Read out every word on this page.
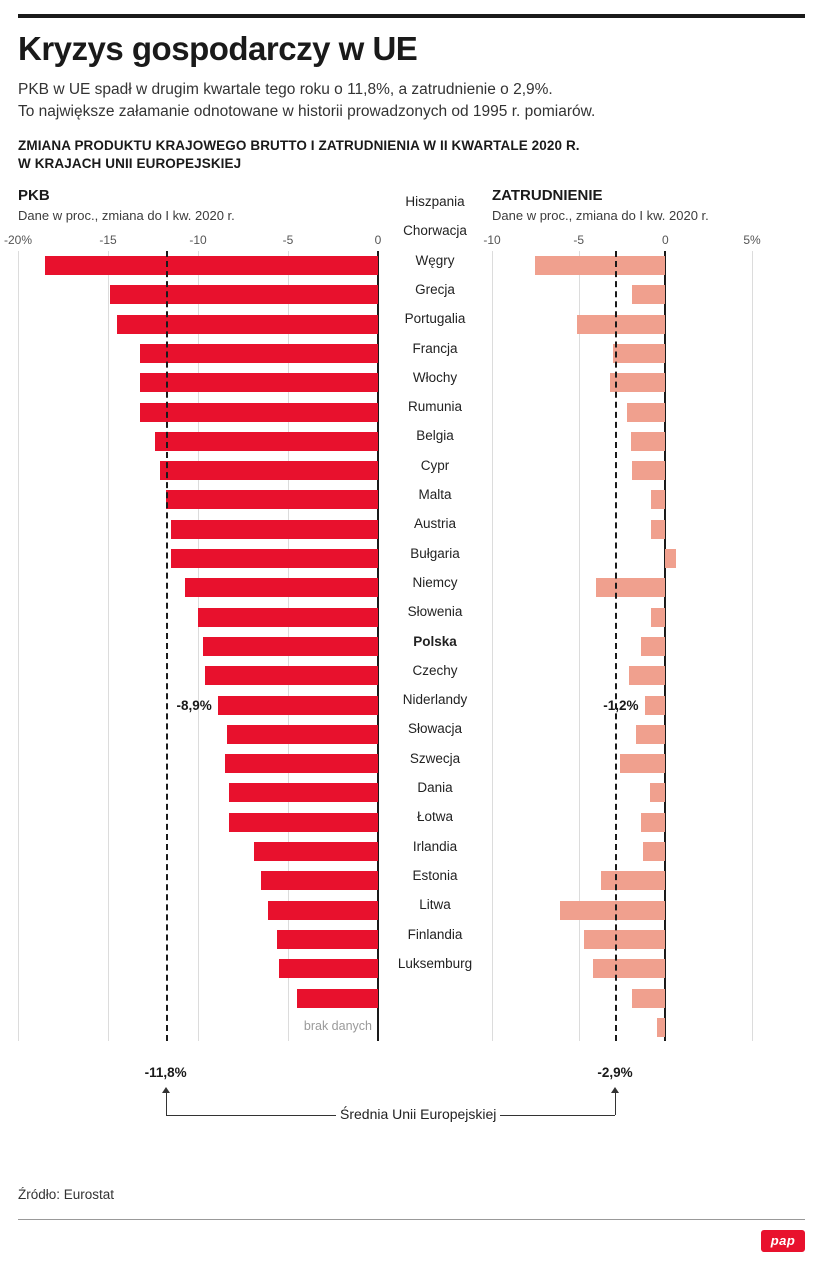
Kryzys gospodarczy w UE
PKB w UE spadł w drugim kwartale tego roku o 11,8%, a zatrudnienie o 2,9%.
To największe załamanie odnotowane w historii prowadzonych od 1995 r. pomiarów.
ZMIANA PRODUKTU KRAJOWEGO BRUTTO I ZATRUDNIENIA W II KWARTALE 2020 R.
W KRAJACH UNII EUROPEJSKIEJ
PKB
Dane w proc., zmiana do I kw. 2020 r.
-20%	-15	-10	-5	0
brak danych
-8,9%
Hiszpania
Chorwacja
Węgry
Grecja
Portugalia
Francja
Włochy
Rumunia
Belgia
Cypr
Malta
Austria
Bułgaria
Niemcy
Słowenia
Polska
Czechy
Niderlandy
Słowacja
Szwecja
Dania
Łotwa
Irlandia
Estonia
Litwa
Finlandia
Luksemburg
ZATRUDNIENIE
Dane w proc., zmiana do I kw. 2020 r.
-10	-5	0	5%
-1,2%
-11,8%	-2,9%
Średnia Unii Europejskiej
Źródło: Eurostat
pap
